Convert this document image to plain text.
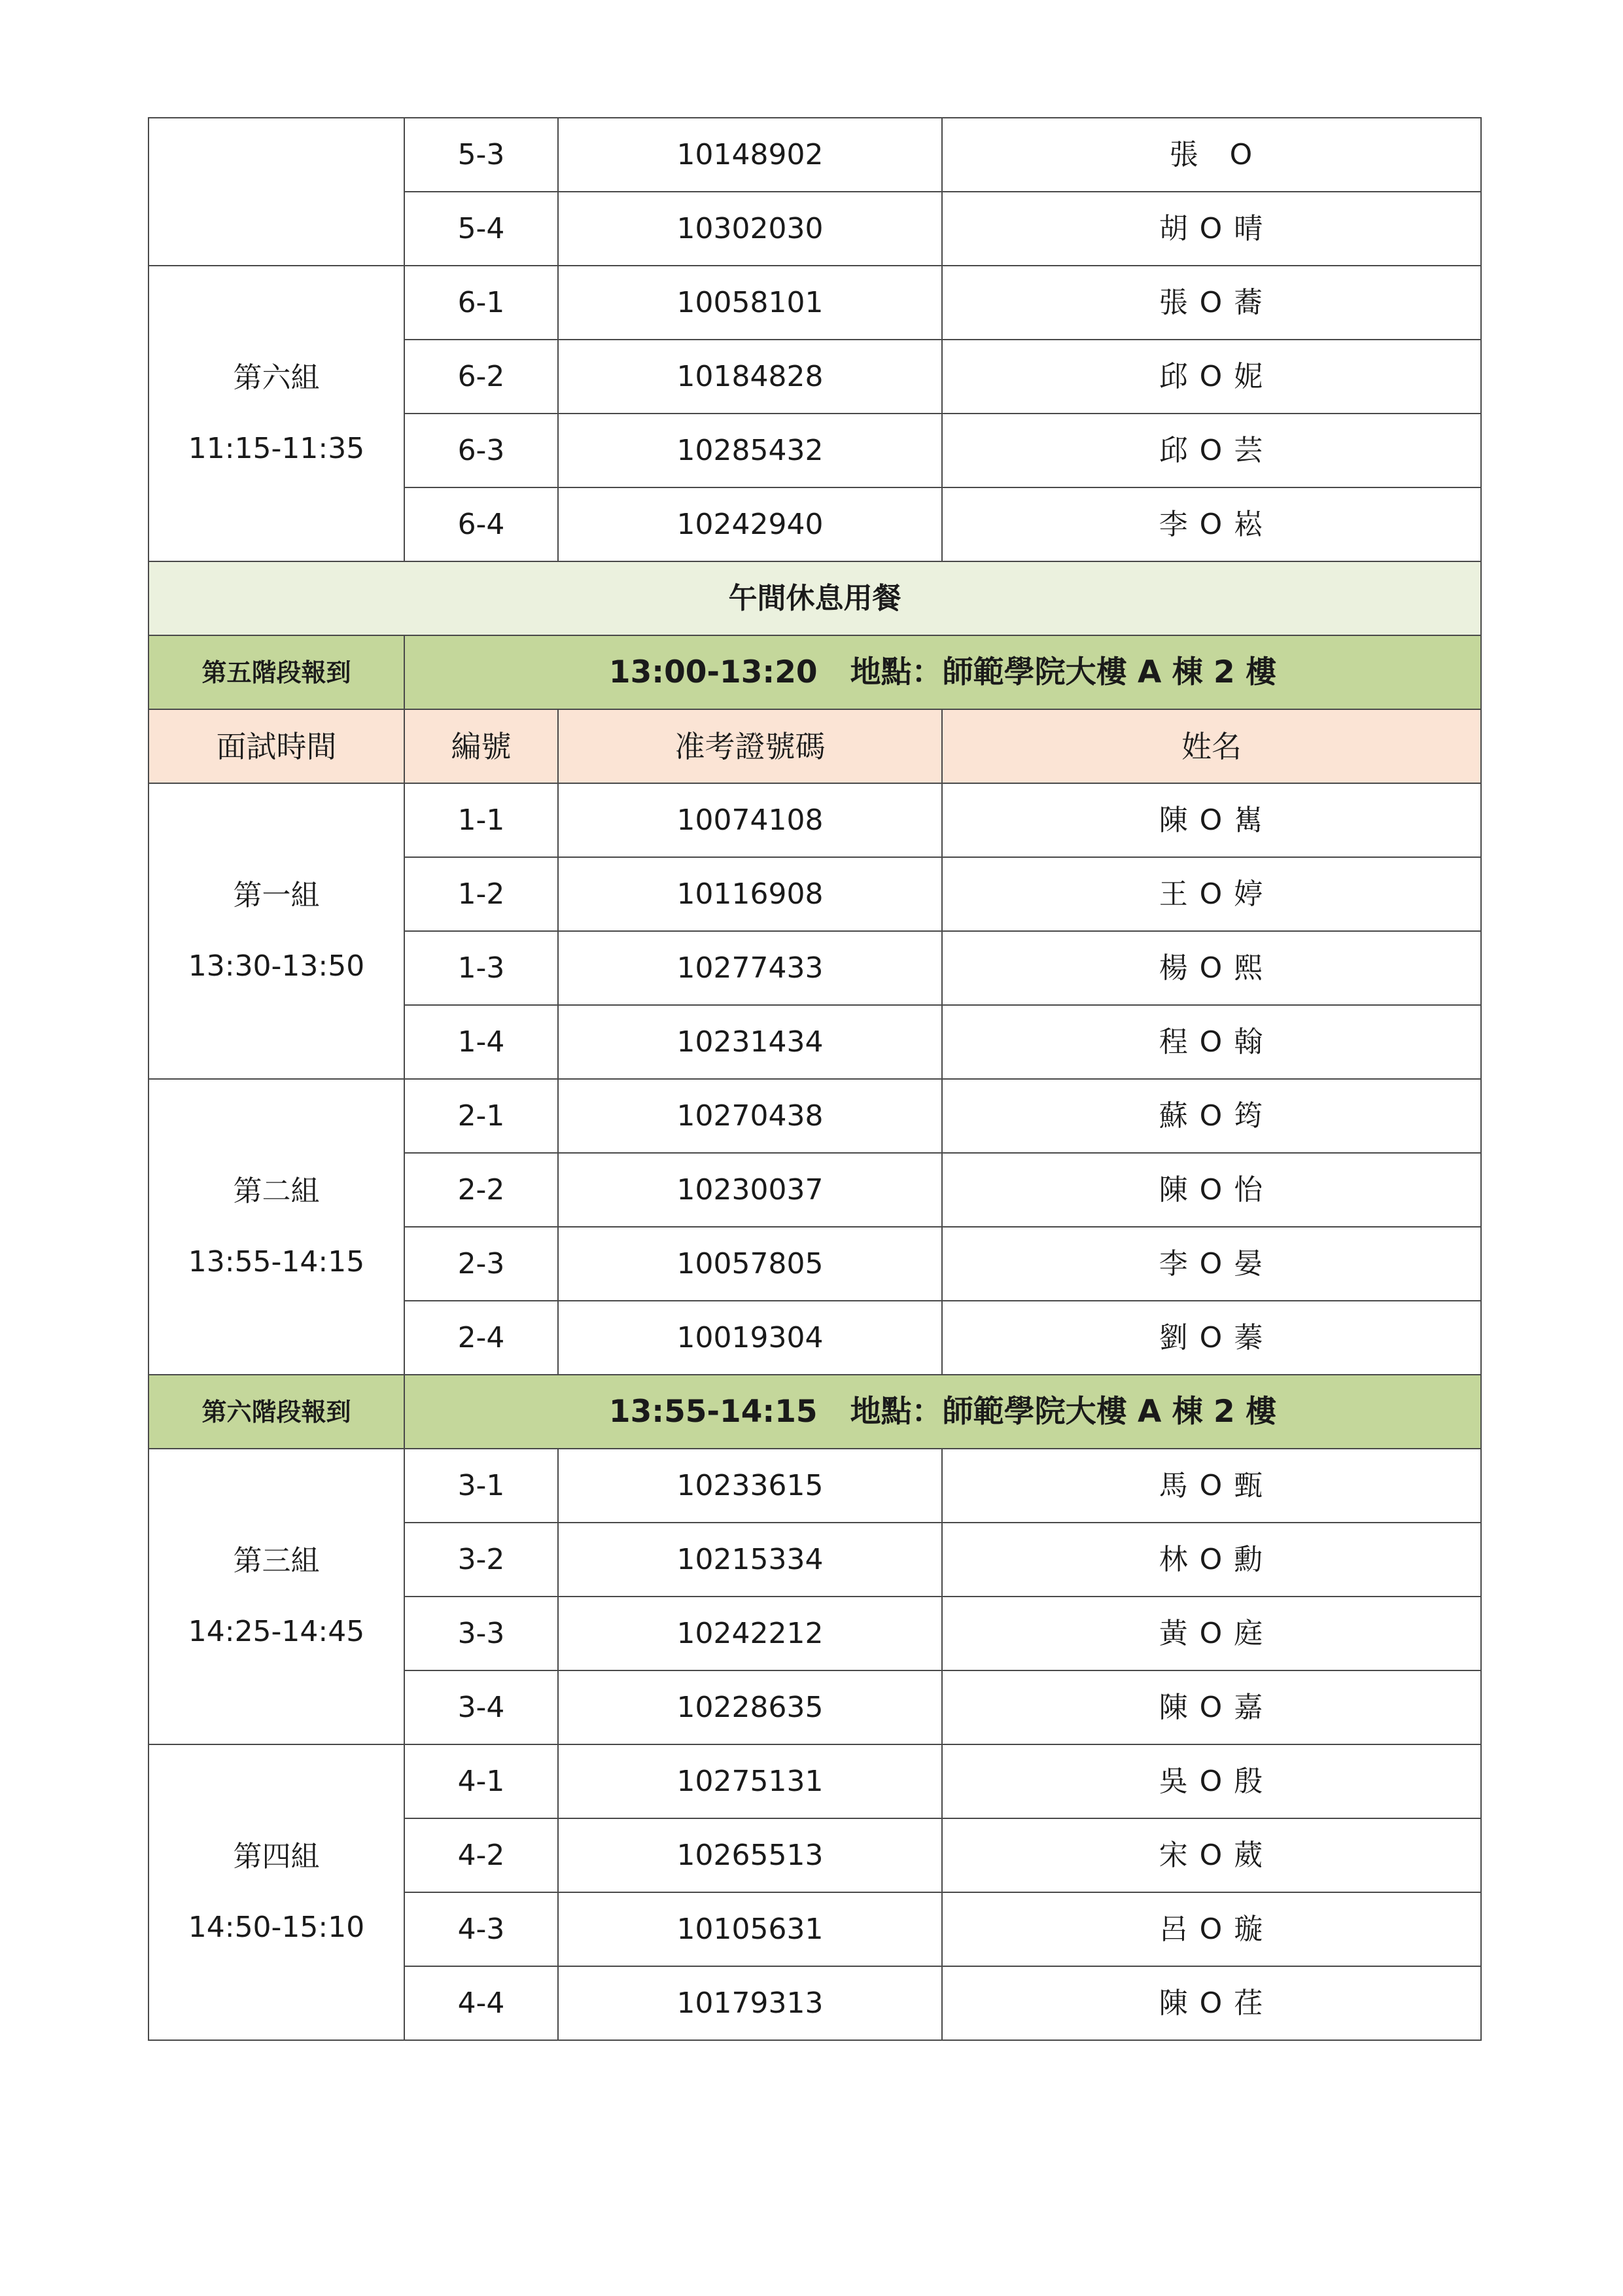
	5-3	10148902	張　O
	5-4	10302030	胡 O 晴

第六組
11:15-11:35	6-1	10058101	張 O 蕎
	6-2	10184828	邱 O 妮
	6-3	10285432	邱 O 芸
	6-4	10242940	李 O 崧
午間休息用餐			
第五階段報到	13:00-13:20 地點：師範學院大樓 A 棟 2 樓		
面試時間	編號	准考證號碼	姓名

第一組
13:30-13:50	1-1	10074108	陳 O 嶲
	1-2	10116908	王 O 婷
	1-3	10277433	楊 O 熙
	1-4	10231434	程 O 翰

第二組
13:55-14:15	2-1	10270438	蘇 O 筠
	2-2	10230037	陳 O 怡
	2-3	10057805	李 O 晏
	2-4	10019304	劉 O 蓁
第六階段報到	13:55-14:15 地點：師範學院大樓 A 棟 2 樓		

第三組
14:25-14:45	3-1	10233615	馬 O 甄
	3-2	10215334	林 O 勳
	3-3	10242212	黃 O 庭
	3-4	10228635	陳 O 嘉

第四組
14:50-15:10	4-1	10275131	吳 O 殷
	4-2	10265513	宋 O 葳
	4-3	10105631	呂 O 璇
	4-4	10179313	陳 O 荏
